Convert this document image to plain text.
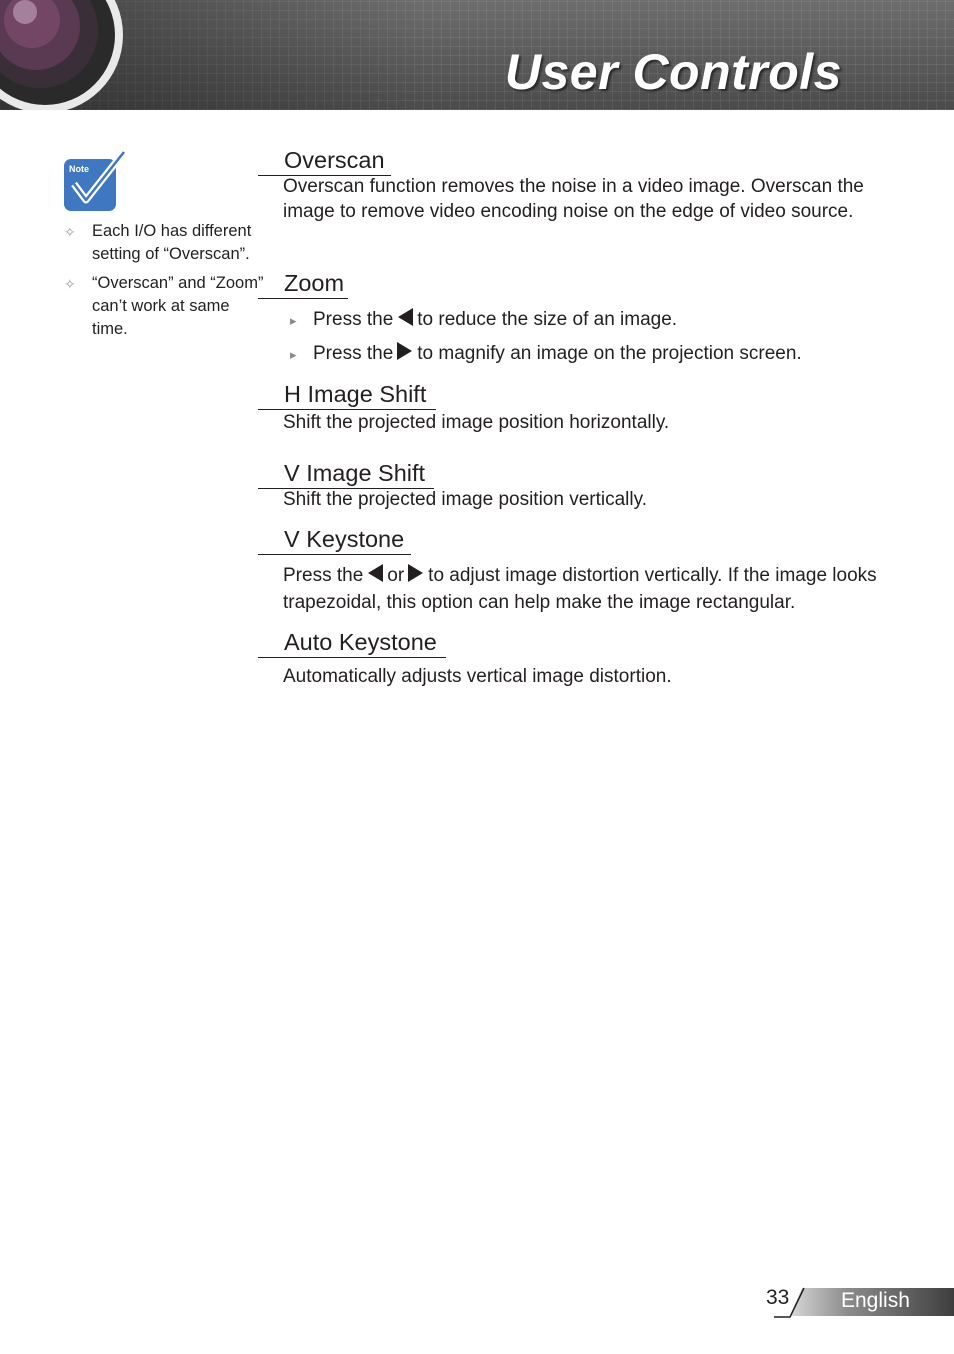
User Controls
Note
✧ Each I/O has different setting of “Overscan”.
✧ “Overscan” and “Zoom” can’t work at same time.
Overscan

Overscan function removes the noise in a video image. Overscan the image to remove video encoding noise on the edge of video source.

Zoom
▸ Press the to reduce the size of an image.
▸ Press the to magnify an image on the projection screen.
H Image Shift

Shift the projected image position horizontally.

V Image Shift

Shift the projected image position vertically.

V Keystone

Press the or to adjust image distortion vertically. If the image looks trapezoidal, this option can help make the image rectangular.

Auto Keystone

Automatically adjusts vertical image distortion.

33 English
